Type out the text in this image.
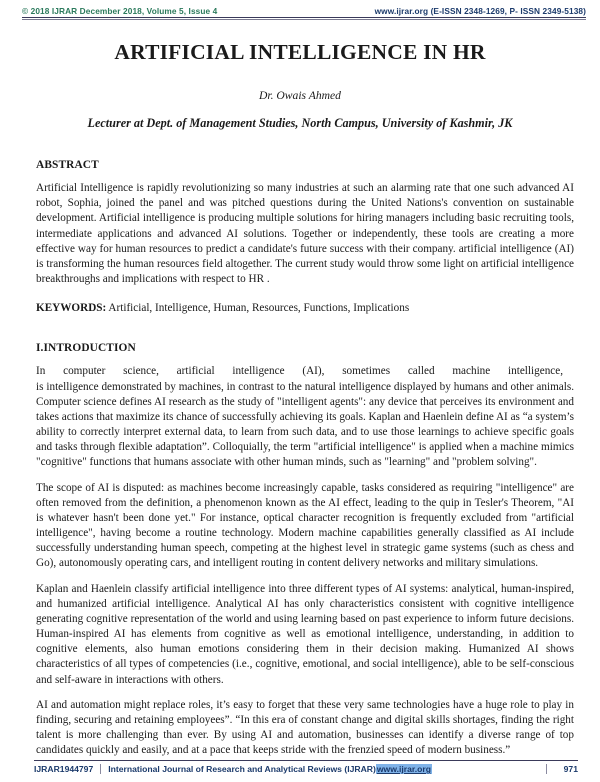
© 2018 IJRAR December 2018, Volume 5, Issue 4	www.ijrar.org (E-ISSN 2348-1269, P- ISSN 2349-5138)
ARTIFICIAL INTELLIGENCE IN HR
Dr. Owais Ahmed
Lecturer at Dept. of Management Studies, North Campus, University of Kashmir, JK
ABSTRACT

Artificial Intelligence is rapidly revolutionizing so many industries at such an alarming rate that one such advanced AI robot, Sophia, joined the panel and was pitched questions during the United Nations's convention on sustainable development. Artificial intelligence is producing multiple solutions for hiring managers including basic recruiting tools, intermediate applications and advanced AI solutions. Together or independently, these tools are creating a more effective way for human resources to predict a candidate's future success with their company. artificial intelligence (AI) is transforming the human resources field altogether. The current study would throw some light on artificial intelligence breakthroughs and implications with respect to HR .

KEYWORDS: Artificial, Intelligence, Human, Resources, Functions, Implications

I.INTRODUCTION

In computer science, artificial intelligence (AI), sometimes called machine intelligence,
is intelligence demonstrated by machines, in contrast to the natural intelligence displayed by humans and other animals. Computer science defines AI research as the study of "intelligent agents": any device that perceives its environment and takes actions that maximize its chance of successfully achieving its goals. Kaplan and Haenlein define AI as “a system’s ability to correctly interpret external data, to learn from such data, and to use those learnings to achieve specific goals and tasks through flexible adaptation”. Colloquially, the term "artificial intelligence" is applied when a machine mimics "cognitive" functions that humans associate with other human minds, such as "learning" and "problem solving".

The scope of AI is disputed: as machines become increasingly capable, tasks considered as requiring "intelligence" are often removed from the definition, a phenomenon known as the AI effect, leading to the quip in Tesler's Theorem, "AI is whatever hasn't been done yet." For instance, optical character recognition is frequently excluded from "artificial intelligence", having become a routine technology. Modern machine capabilities generally classified as AI include successfully understanding human speech, competing at the highest level in strategic game systems (such as chess and Go), autonomously operating cars, and intelligent routing in content delivery networks and military simulations.

Kaplan and Haenlein classify artificial intelligence into three different types of AI systems: analytical, human-inspired, and humanized artificial intelligence. Analytical AI has only characteristics consistent with cognitive intelligence generating cognitive representation of the world and using learning based on past experience to inform future decisions. Human-inspired AI has elements from cognitive as well as emotional intelligence, understanding, in addition to cognitive elements, also human emotions considering them in their decision making. Humanized AI shows characteristics of all types of competencies (i.e., cognitive, emotional, and social intelligence), able to be self-conscious and self-aware in interactions with others.

AI and automation might replace roles, it’s easy to forget that these very same technologies have a huge role to play in finding, securing and retaining employees”. “In this era of constant change and digital skills shortages, finding the right talent is more challenging than ever. By using AI and automation, businesses can identify a diverse range of top candidates quickly and easily, and at a pace that keeps stride with the frenzied speed of modern business.”

IJRAR1944797	International Journal of Research and Analytical Reviews (IJRAR)www.ijrar.org	971
